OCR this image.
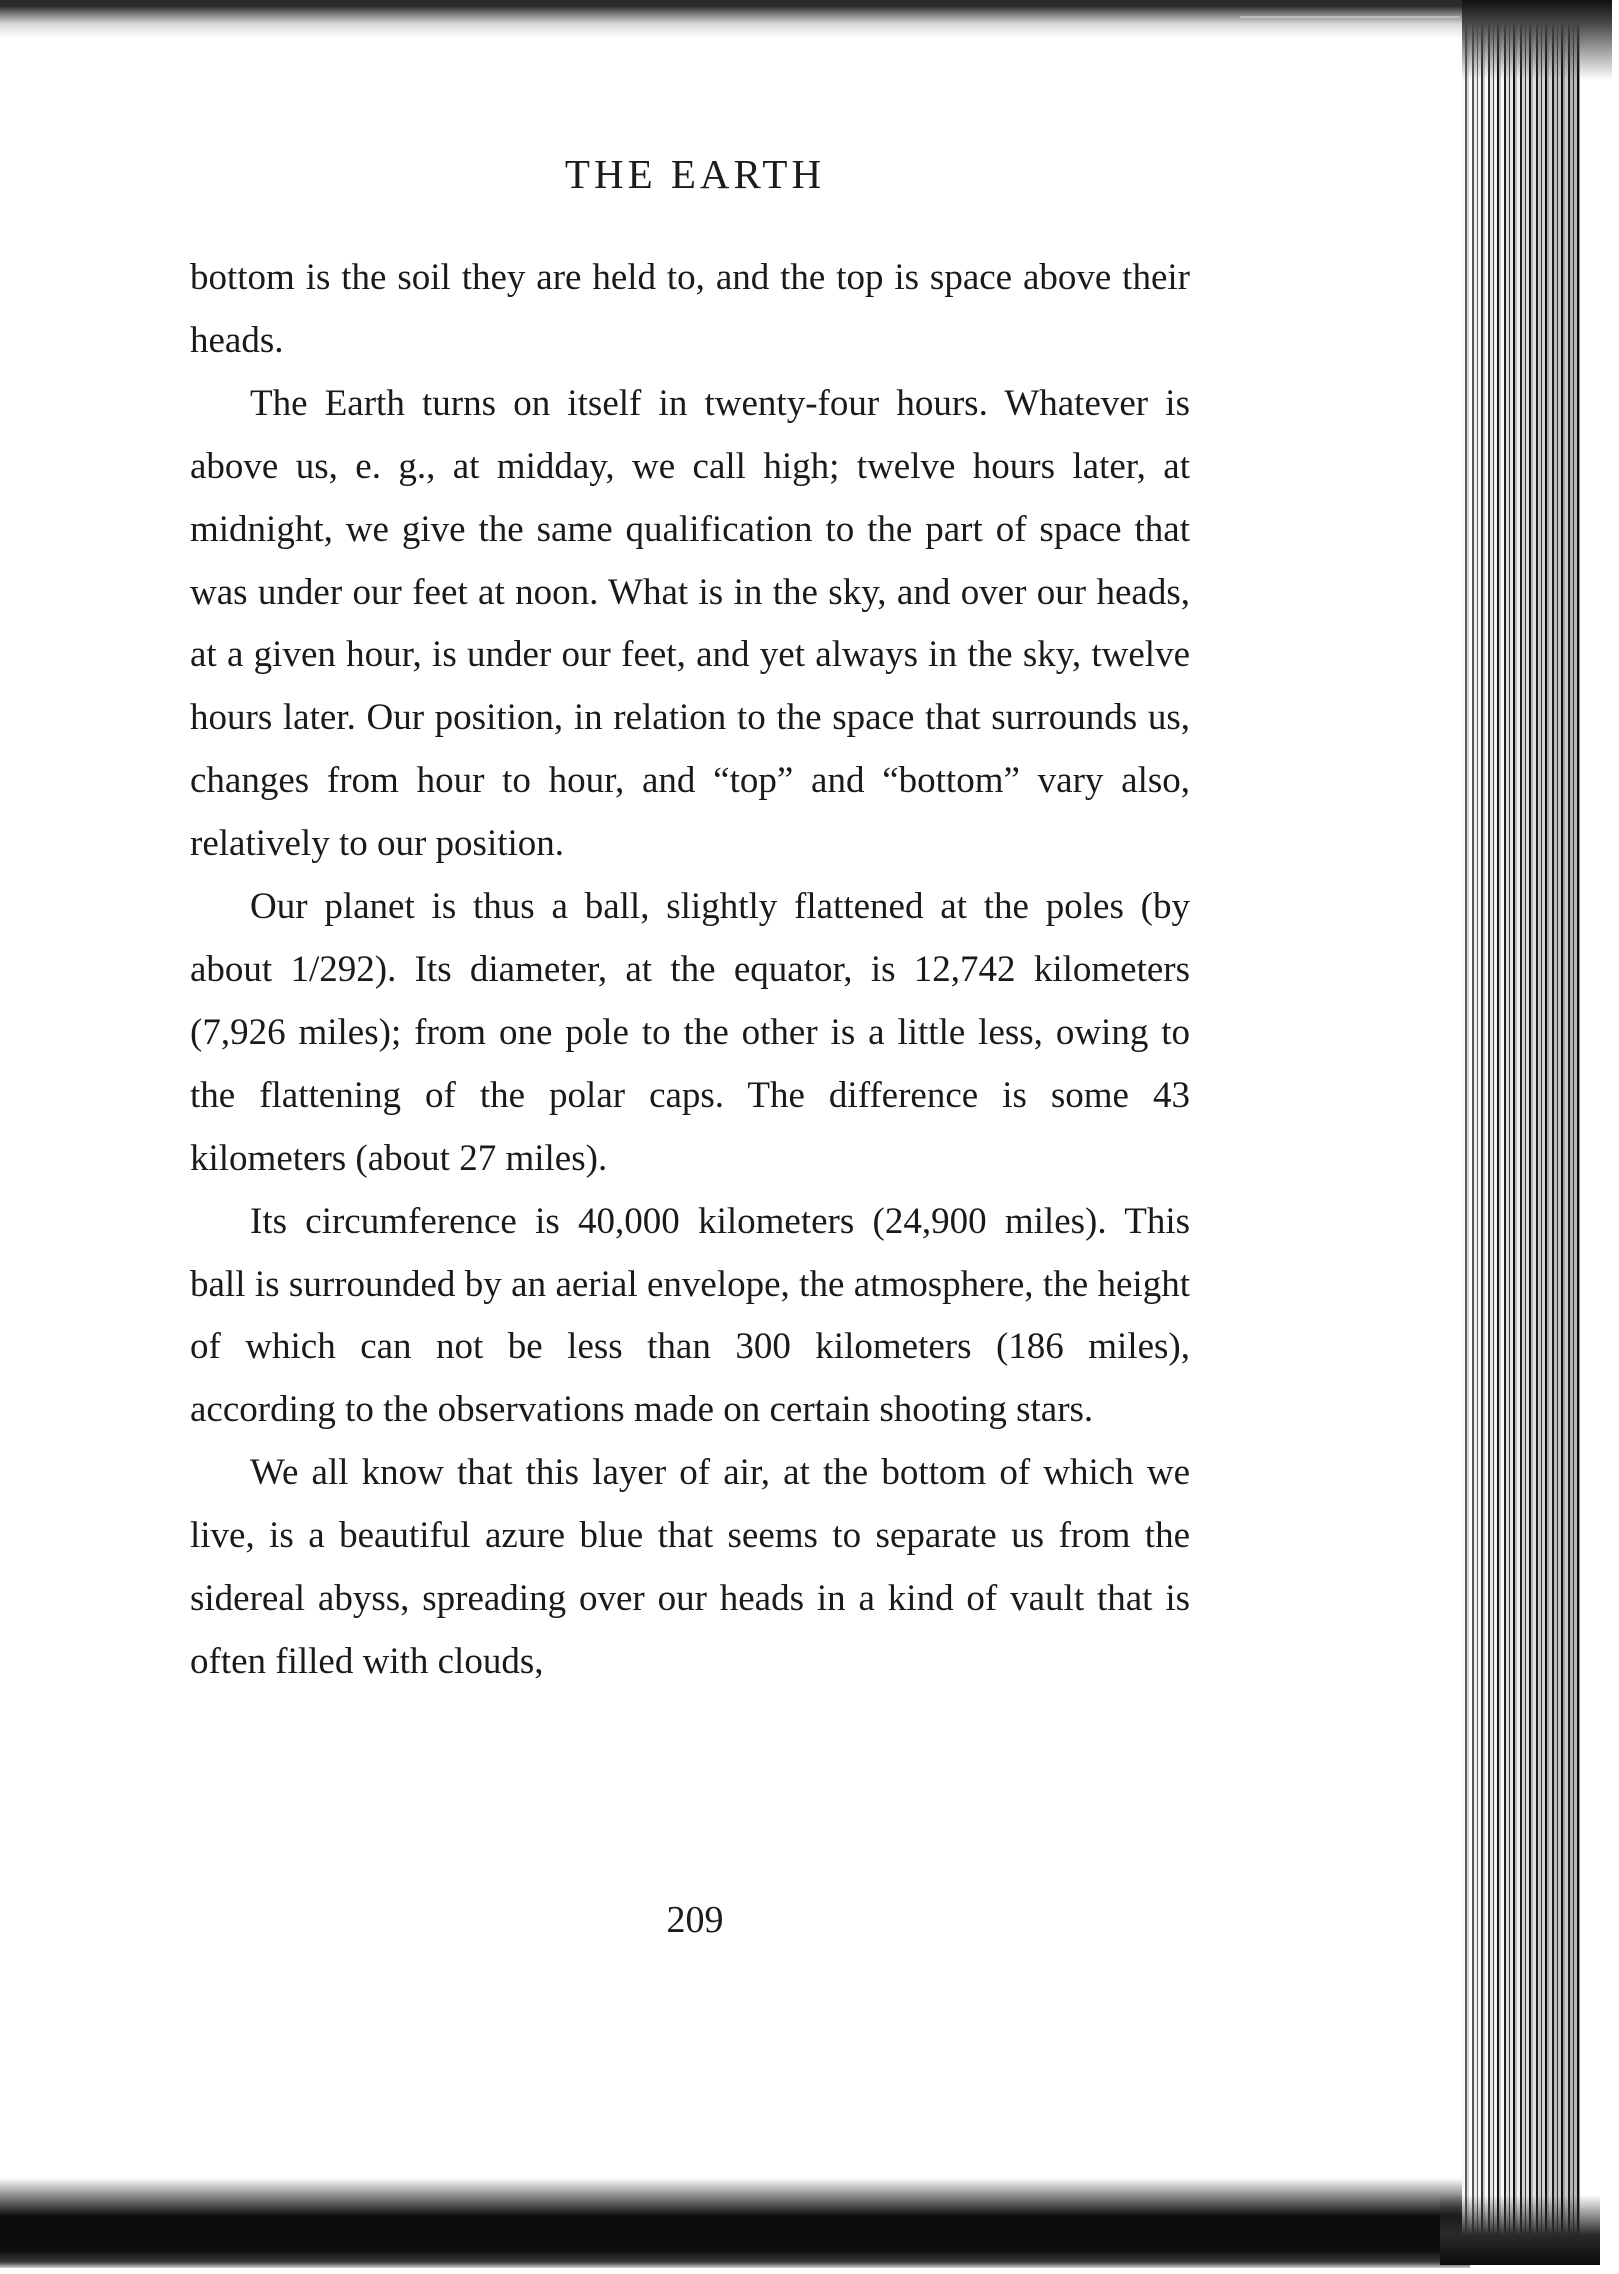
THE EARTH

bottom is the soil they are held to, and the top is space above their heads.

The Earth turns on itself in twenty-four hours. Whatever is above us, e. g., at midday, we call high; twelve hours later, at midnight, we give the same qualification to the part of space that was under our feet at noon. What is in the sky, and over our heads, at a given hour, is under our feet, and yet always in the sky, twelve hours later. Our position, in relation to the space that surrounds us, changes from hour to hour, and “top” and “bottom” vary also, relatively to our position.

Our planet is thus a ball, slightly flattened at the poles (by about 1/292). Its diameter, at the equator, is 12,742 kilometers (7,926 miles); from one pole to the other is a little less, owing to the flattening of the polar caps. The difference is some 43 kilometers (about 27 miles).

Its circumference is 40,000 kilometers (24,900 miles). This ball is surrounded by an aerial envelope, the atmosphere, the height of which can not be less than 300 kilometers (186 miles), according to the observations made on certain shooting stars.

We all know that this layer of air, at the bottom of which we live, is a beautiful azure blue that seems to separate us from the sidereal abyss, spreading over our heads in a kind of vault that is often filled with clouds,

209
